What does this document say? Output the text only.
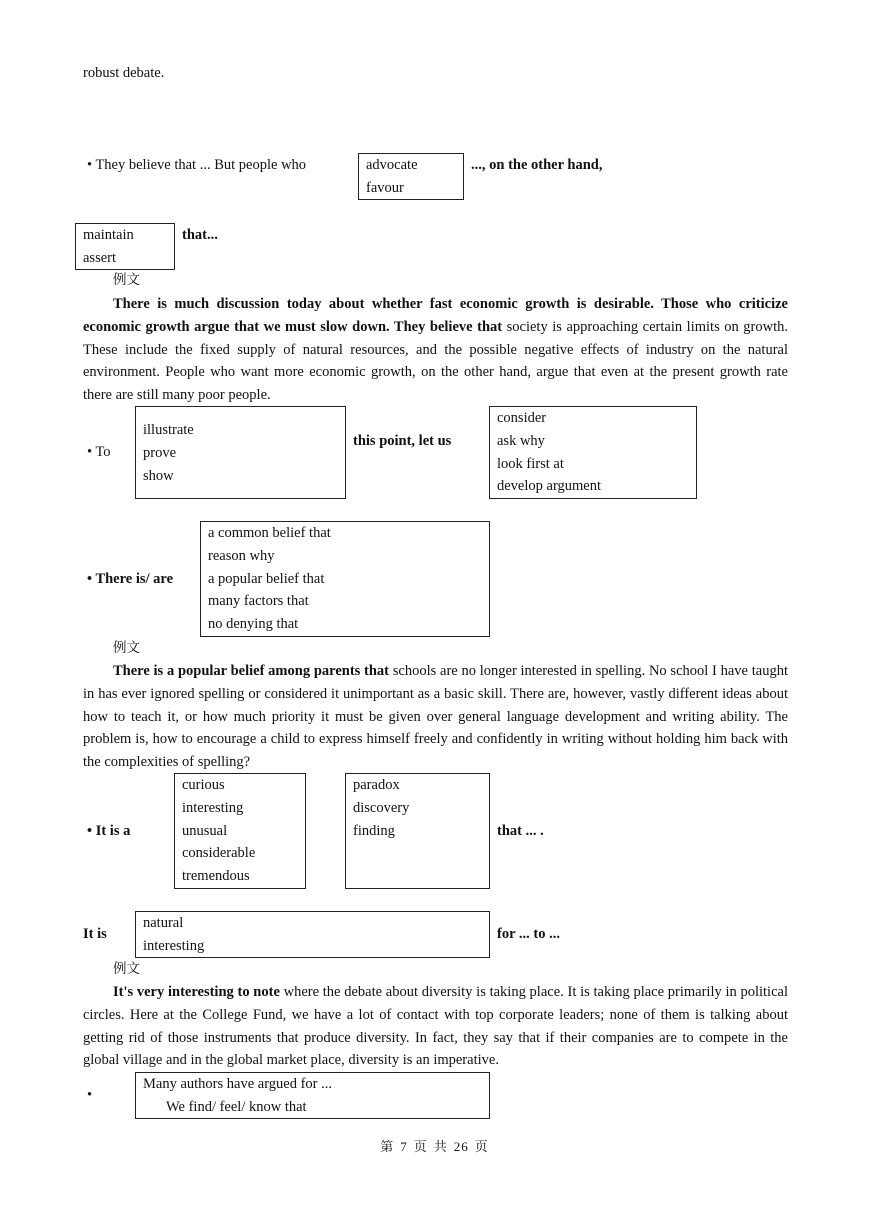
robust debate.
• They believe that ... But people who	advocate
favour
..., on the other hand,
maintain
assert
that...
例文
There is much discussion today about whether fast economic growth is desirable. Those who criticize economic growth argue that we must slow down. They believe that society is approaching certain limits on growth. These include the fixed supply of natural resources, and the possible negative effects of industry on the natural environment. People who want more economic growth, on the other hand, argue that even at the present growth rate there are still many poor people.
• To
illustrate
prove
show
this point, let us
consider
ask why
look first at
develop argument
• There is/ are
a common belief that
reason why
a popular belief that
many factors that
no denying that
例文
There is a popular belief among parents that schools are no longer interested in spelling. No school I have taught in has ever ignored spelling or considered it unimportant as a basic skill. There are, however, vastly different ideas about how to teach it, or how much priority it must be given over general language development and writing ability. The problem is, how to encourage a child to express himself freely and confidently in writing without holding him back with the complexities of spelling?
• It is a
curious
interesting
unusual
considerable
tremendous
paradox
discovery
finding	that ... .
It is
natural
interesting
for ... to ...
例文
It's very interesting to note where the debate about diversity is taking place. It is taking place primarily in political circles. Here at the College Fund, we have a lot of contact with top corporate leaders; none of them is talking about getting rid of those instruments that produce diversity. In fact, they say that if their companies are to compete in the global village and in the global market place, diversity is an imperative.
•
Many authors have argued for ...
We find/ feel/ know that
第 7 页 共 26 页
